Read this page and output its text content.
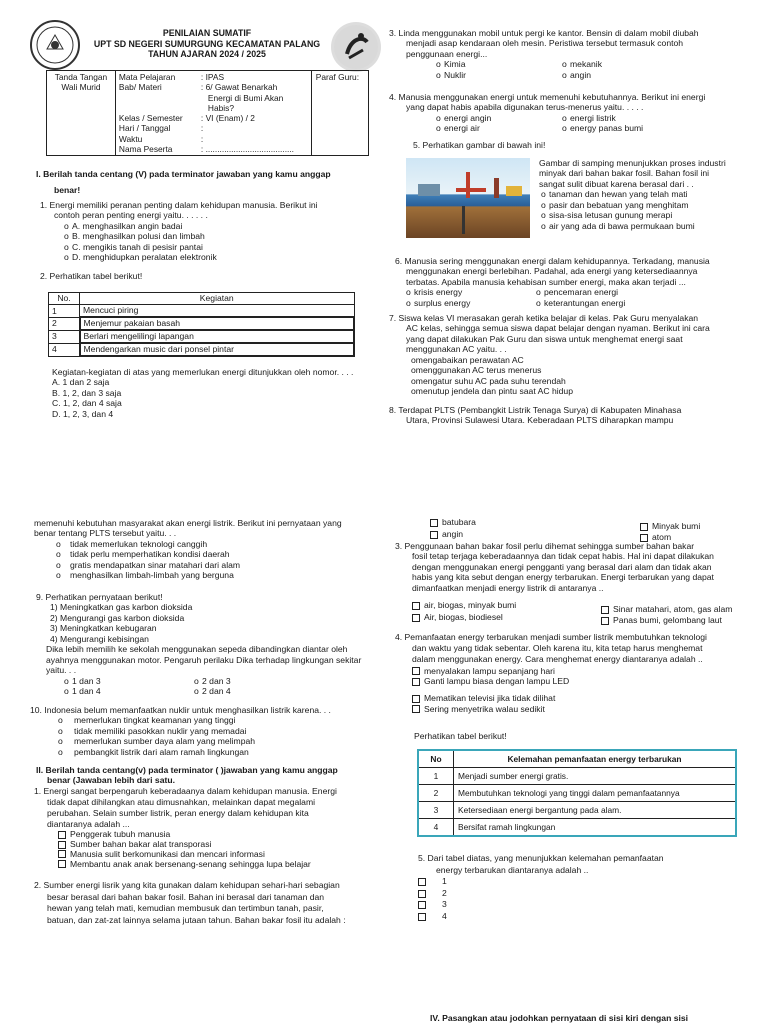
PENILAIAN SUMATIF
UPT SD NEGERI SUMURGUNG KECAMATAN PALANG
TAHUN AJARAN 2024 / 2025
Tanda Tangan Wali Murid	
Mata Pelajaran	: IPAS
Bab/ Materi	: 6/ Gawat Benarkah
Energi di Bumi Akan
Habis?
Kelas / Semester	: VI (Enam) / 2
Hari / Tanggal	:
Waktu	:
Nama Peserta	: ......................................
	Paraf Guru:
I. Berilah tanda centang (V) pada terminator jawaban yang kamu anggap
benar!
1. Energi memiliki peranan penting dalam kehidupan manusia. Berikut ini
contoh peran penting energi yaitu. . . . . .
o A. menghasilkan angin badai
o B. menghasilkan polusi dan limbah
o C. mengikis tanah di pesisir pantai
o D. menghidupkan peralatan elektronik
2. Perhatikan tabel berikut!
No.	Kegiatan
1	Mencuci piring
2	Menjemur pakaian basah
3	Berlari mengelilingi lapangan
4	Mendengarkan music dari ponsel pintar
Kegiatan-kegiatan di atas yang memerlukan energi ditunjukkan oleh nomor. . . .
A. 1 dan 2 saja
B. 1, 2, dan 3 saja
C. 1, 2, dan 4 saja
D. 1, 2, 3, dan 4
3. Linda menggunakan mobil untuk pergi ke kantor. Bensin di dalam mobil diubah
menjadi asap kendaraan oleh mesin. Peristiwa tersebut termasuk contoh
penggunaan energi...
o Kimia	o mekanik
o Nuklir	o angin
4. Manusia menggunakan energi untuk memenuhi kebutuhannya. Berikut ini energi
yang dapat habis apabila digunakan terus-menerus yaitu. . . . .
o energi angin	o energi listrik
o energi air	o energy panas bumi
5. Perhatikan gambar di bawah ini!
Gambar di samping menunjukkan proses industri
minyak dari bahan bakar fosil. Bahan fosil ini
sangat sulit dibuat karena berasal dari . .
o tanaman dan hewan yang telah mati
o pasir dan bebatuan yang menghitam
o sisa-sisa letusan gunung merapi
o air yang ada di bawa permukaan bumi
6. Manusia sering menggunakan energi dalam kehidupannya. Terkadang, manusia
menggunakan energi berlebihan. Padahal, ada energi yang ketersediaannya
terbatas. Apabila manusia kehabisan sumber energi, maka akan terjadi ...
o krisis energy	o pencemaran energi
o surplus energy	o keterantungan energi
7. Siswa kelas VI merasakan gerah ketika belajar di kelas. Pak Guru menyalakan
AC kelas, sehingga semua siswa dapat belajar dengan nyaman. Berikut ini cara
yang dapat dilakukan Pak Guru dan siswa untuk menghemat energi saat
menggunakan AC yaitu. . .
omengabaikan perawatan AC
omenggunakan AC terus menerus
omengatur suhu AC pada suhu terendah
omenutup jendela dan pintu saat AC hidup
8. Terdapat PLTS (Pembangkit Listrik Tenaga Surya) di Kabupaten Minahasa
Utara, Provinsi Sulawesi Utara. Keberadaan PLTS diharapkan mampu
memenuhi kebutuhan masyarakat akan energi listrik. Berikut ini pernyataan yang
benar tentang PLTS tersebut yaitu. . .
o tidak memerlukan teknologi canggih
o tidak perlu memperhatikan kondisi daerah
o gratis mendapatkan sinar matahari dari alam
o menghasilkan limbah-limbah yang berguna
9. Perhatikan pernyataan berikut!
1) Meningkatkan gas karbon dioksida
2) Mengurangi gas karbon dioksida
3) Meningkatkan kebugaran
4) Mengurangi kebisingan
Dika lebih memilih ke sekolah menggunakan sepeda dibandingkan diantar oleh
ayahnya menggunakan motor. Pengaruh perilaku Dika terhadap lingkungan sekitar
yaitu. . .
o 1 dan 3	o 2 dan 3
o 1 dan 4	o 2 dan 4
10. Indonesia belum memanfaatkan nuklir untuk menghasilkan listrik karena. . .
o memerlukan tingkat keamanan yang tinggi
o tidak memiliki pasokkan nuklir yang memadai
o memerlukan sumber daya alam yang melimpah
o pembangkit listrik dari alam ramah lingkungan
II. Berilah tanda centang(v) pada terminator ( )jawaban yang kamu anggap
benar (Jawaban lebih dari satu.
1. Energi sangat berpengaruh keberadaanya dalam kehidupan manusia. Energi
tidak dapat dihilangkan atau dimusnahkan, melainkan dapat megalami
perubahan. Selain sumber listrik, peran energy dalam kehidupan kita
diantaranya adalah ...
Penggerak tubuh manusia
Sumber bahan bakar alat transporasi
Manusia sulit berkomunikasi dan mencari informasi
Membantu anak anak bersenang-senang sehingga lupa belajar
2. Sumber energi lisrik yang kita gunakan dalam kehidupan sehari-hari sebagian
besar berasal dari bahan bakar fosil. Bahan ini berasal dari tanaman dan
hewan yang telah mati, kemudian membusuk dan tertimbun tanah, pasir,
batuan, dan zat-zat lainnya selama jutaan tahun. Bahan bakar fosil itu adalah :
batubara	Minyak bumi
angin	atom
3. Penggunaan bahan bakar fosil perlu dihemat sehingga sumber bahan bakar
fosil tetap terjaga keberadaannya dan tidak cepat habis. Hal ini dapat dilakukan
dengan menggunakan energi pengganti yang berasal dari alam dan tidak akan
habis yang kita sebut dengan energy terbarukan. Energi terbarukan yang dapat
dimanfaatkan menjadi energy listrik di antaranya ..
air, biogas, minyak bumi	Sinar matahari, atom, gas alam
Air, biogas, biodiesel	Panas bumi, gelombang laut
4. Pemanfaatan energy terbarukan menjadi sumber listrik membutuhkan teknologi
dan waktu yang tidak sebentar. Oleh karena itu, kita tetap harus menghemat
dalam menggunakan energy. Cara menghemat energy diantaranya adalah ..
menyalakan lampu sepanjang hari
Ganti lampu biasa dengan lampu LED
Mematikan televisi jika tidak dilihat
Sering menyetrika walau sedikit
Perhatikan tabel berikut!
No	Kelemahan pemanfaatan energy terbarukan
1	Menjadi sumber energi gratis.
2	Membutuhkan teknologi yang tinggi dalam pemanfaatannya
3	Ketersediaan energi bergantung pada alam.
4	Bersifat ramah lingkungan
5. Dari tabel diatas, yang menunjukkan kelemahan pemanfaatan
energy terbarukan diantaranya adalah ..
1
2
3
4
IV. Pasangkan atau jodohkan pernyataan di sisi kiri dengan sisi
